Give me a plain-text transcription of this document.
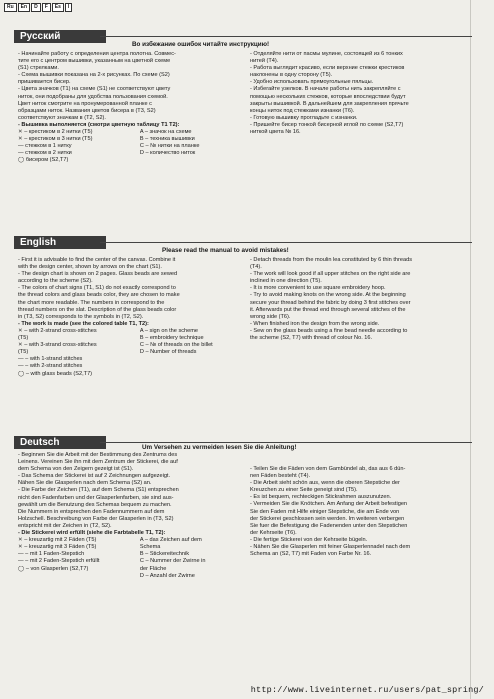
Ru	En	D	F	Es	I
Русский
Во избежание ошибок читайте инструкцию!

- Начинайте работу с определения центра полотна. Совмес-

тите его с центром вышивки, указанным на цветной схеме

(S1) стрелками.

- Схема вышивки показана на 2-х рисунках. По схеме (S2)

пришивается бисер.

- Цвета значков (T1) на схеме (S1) не соответствуют цвету

ниток, они подобраны для удобства пользования схемой.

Цвет ниток смотрите на пронумерованной планке с

образцами ниток. Названия цветов бисера в (T3, S2)

соответствуют значкам в (T2, S2).

- Вышивка выполняется (смотри цветную таблицу T1 T2):

⨯ – крестиком в 2 нитки (T5)	A – значок на схеме
⨯ – крестиком в 3 нитки (T5)	B – техника вышивки
— стежком в 1 нитку	C – № нитки на планке
— стежком в 2 нитки	D – количество ниток
◯ бисером (S2,T7)

- Отделяйте нити от пасмы мулине, состоящей из 6 тонких

нитей (T4).

- Работа выглядит красиво, если верхние стежки крестиков

наклонены в одну сторону (T5).

- Удобно использовать прямоугольные пяльцы.

- Избегайте узелков. В начале работы нить закрепляйте с

помощью нескольких стежков, которые впоследствии будут

закрыты вышивкой. В дальнейшем для закрепления прячьте

концы ниток под стежками изнанки (T6).

- Готовую вышивку прогладьте с изнанки.

- Пришейте бисер тонкой бисерной иглой по схеме (S2,T7)

ниткой цвета № 16.

English
Please read the manual to avoid mistakes!

- First it is advisable to find the center of the canvas. Combine it

with the design center, shown by arrows on the chart (S1).

- The design chart is shown on 2 pages. Glass beads are sewed

according to the scheme (S2).

- The colors of chart signs (T1, S1) do not exactly correspond to

the thread colors and glass beads color, they are chosen to make

the chart more readable. The numbers in correspond to the

thread numbers on the slat. Description of the glass beads color

in (T3, S2) corresponds to the symbols in (T2, S2).

- The work is made (see the colored table T1, T2):

⨯ – with 2-strand cross-stitches	A – sign on the scheme
(T5)	B – embroidery technique
⨯ – with 3-strand cross-stitches	C – № of threads on the billet
(T5)	D – Number of threads
— – with 1-strand stitches
— – with 2-strand stitches
◯ – with glass beads (S2,T7)

- Detach threads from the moulin lea constituted by 6 thin threads

(T4).

- The work will look good if all upper stitches on the right side are

inclined in one direction (T5).

- It is more convenient to use square embroidery hoop.

- Try to avoid making knots on the wrong side. At the beginning

secure your thread behind the fabric by doing 3 first stitches over

it. Afterwards put the thread end through several stitches of the

wrong side (T6).

- When finished iron the design from the wrong side.

- Sew on the glass beads using a fine bead needle according to

the scheme (S2, T7) with thread of colour No. 16.

Deutsch	Um Versehen zu vermeiden lesen Sie die Anleitung!

- Beginnen Sie die Arbeit mit der Bestimmung des Zentrums des

Leinens. Vereinen Sie ihn mit dem Zentrum der Stickerei, die auf

dem Schema von den Zeigern gezeigt ist (S1).

- Das Schema der Stickerei ist auf 2 Zeichnungen aufgezeigt.

Nähen Sie die Glasperlen nach dem Schema (S2) an.

- Die Farbe der Zeichen (T1), auf dem Schema (S1) entsprechen

nicht den Fadenfarben und der Glasperlenfarben, sie sind aus-

gewählt um die Benutzung des Schemas bequem zu machen.

Die Nummern in entsprechen den Fadennummern auf dem

Holzschell. Beschreibung von Farbe der Glasperlen in (T3, S2)

entspricht mit der Zeichen in (T2, S2).

- Die Stickerei wird erfüllt (siehe die Farbtabelle T1, T2):

⨯ – kreuzartig mit 2 Fäden (T5)	A – das Zeichen auf dem
⨯ – kreuzartig mit 3 Fäden (T5)	Schema
— – mit 1 Faden-Stepstich	B – Stickereitechnik
— – mit 2 Faden-Stepstich erfüllt	C – Nummer der Zwirne in
◯ – von Glasperlen (S2,T7)	der Fläche
D – Anzahl der Zwirne

- Teilen Sie die Fäden von dem Gambündel ab, das aus 6 dün-

nen Fäden besteht (T4).

- Die Arbeit sieht schön aus, wenn die oberen Stepstiche der

Kreuzchen zu einer Seite geneigt sind (T5).

- Es ist bequem, rechteckigen Stickrahmen auszunutzen.

- Vermeiden Sie die Knötchen. Am Anfang der Arbeit befestigen

Sie den Faden mit Hilfe einiger Stepstiche, die am Ende von

der Stickerei geschlossen sein werden. Im weiteren verbergen

Sie fuer die Befestigung die Fadenenden unter den Stepstichen

der Kehrseite (T6).

- Die fertige Stickerei von der Kehrseite bügeln.

- Nähen Sie die Glasperlen mit feiner Glasperlennadel nach dem

Schema an (S2, T7) mit Faden von Farbe Nr. 16.

http://www.liveinternet.ru/users/pat_spring/
